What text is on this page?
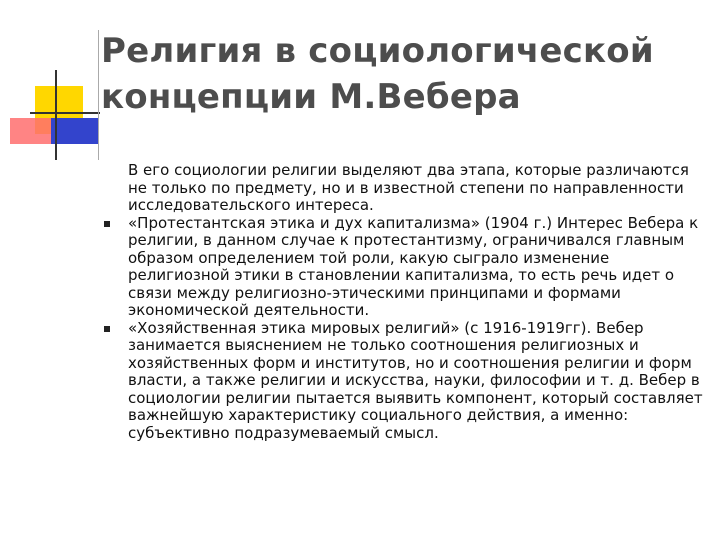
Религия в социологической концепции М.Вебера

В его социологии религии выделяют два этапа, которые различаются не только по предмету, но и в известной степени по направленности исследовательского интереса.

«Протестантская этика и дух капитализма» (1904 г.) Интерес Вебера к религии, в данном случае к протестантизму, ограничивался главным образом определением той роли, какую сыграло изменение религиозной этики в становлении капитализма, то есть речь идет о связи между религиозно-этическими принципами и формами экономической деятельности.

«Хозяйственная этика мировых религий» (с 1916-1919гг). Вебер занимается выяснением не только соотношения религиозных и хозяйственных форм и институтов, но и соотношения религии и форм власти, а также религии и искусства, науки, философии и т. д. Вебер в социологии религии пытается выявить компонент, который составляет важнейшую характеристику социального действия, а именно: субъективно подразумеваемый смысл.
